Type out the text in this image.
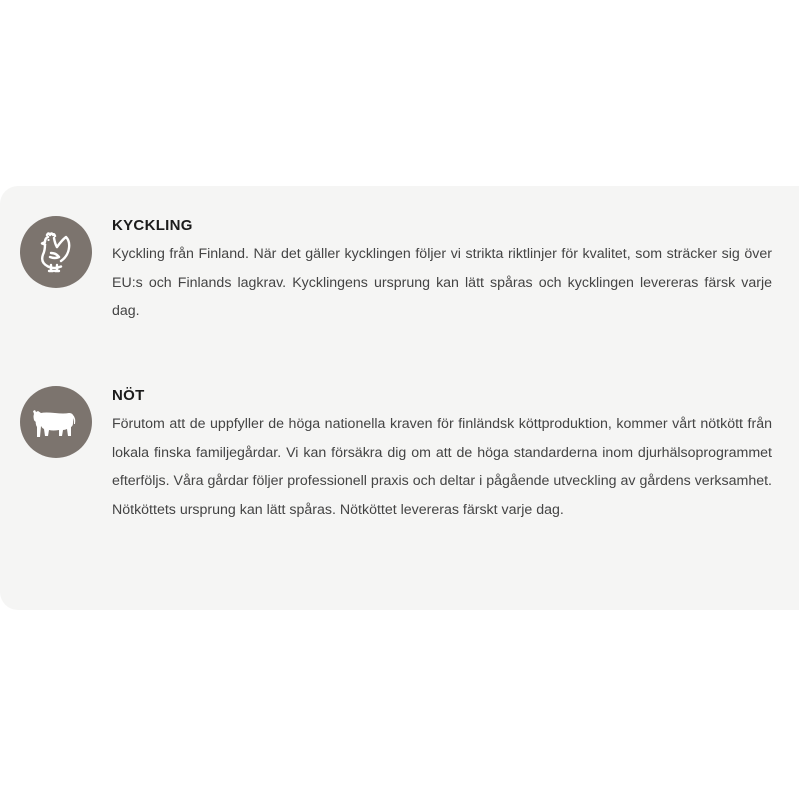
KYCKLING

Kyckling från Finland. När det gäller kycklingen följer vi strikta riktlinjer för kvalitet, som sträcker sig över EU:s och Finlands lagkrav. Kycklingens ursprung kan lätt spåras och kycklingen levereras färsk varje dag.

NÖT

Förutom att de uppfyller de höga nationella kraven för finländsk köttproduktion, kommer vårt nötkött från lokala finska familjegårdar. Vi kan försäkra dig om att de höga standarderna inom djurhälsoprogrammet efterföljs. Våra gårdar följer professionell praxis och deltar i pågående utveckling av gårdens verksamhet. Nötköttets ursprung kan lätt spåras. Nötköttet levereras färskt varje dag.
